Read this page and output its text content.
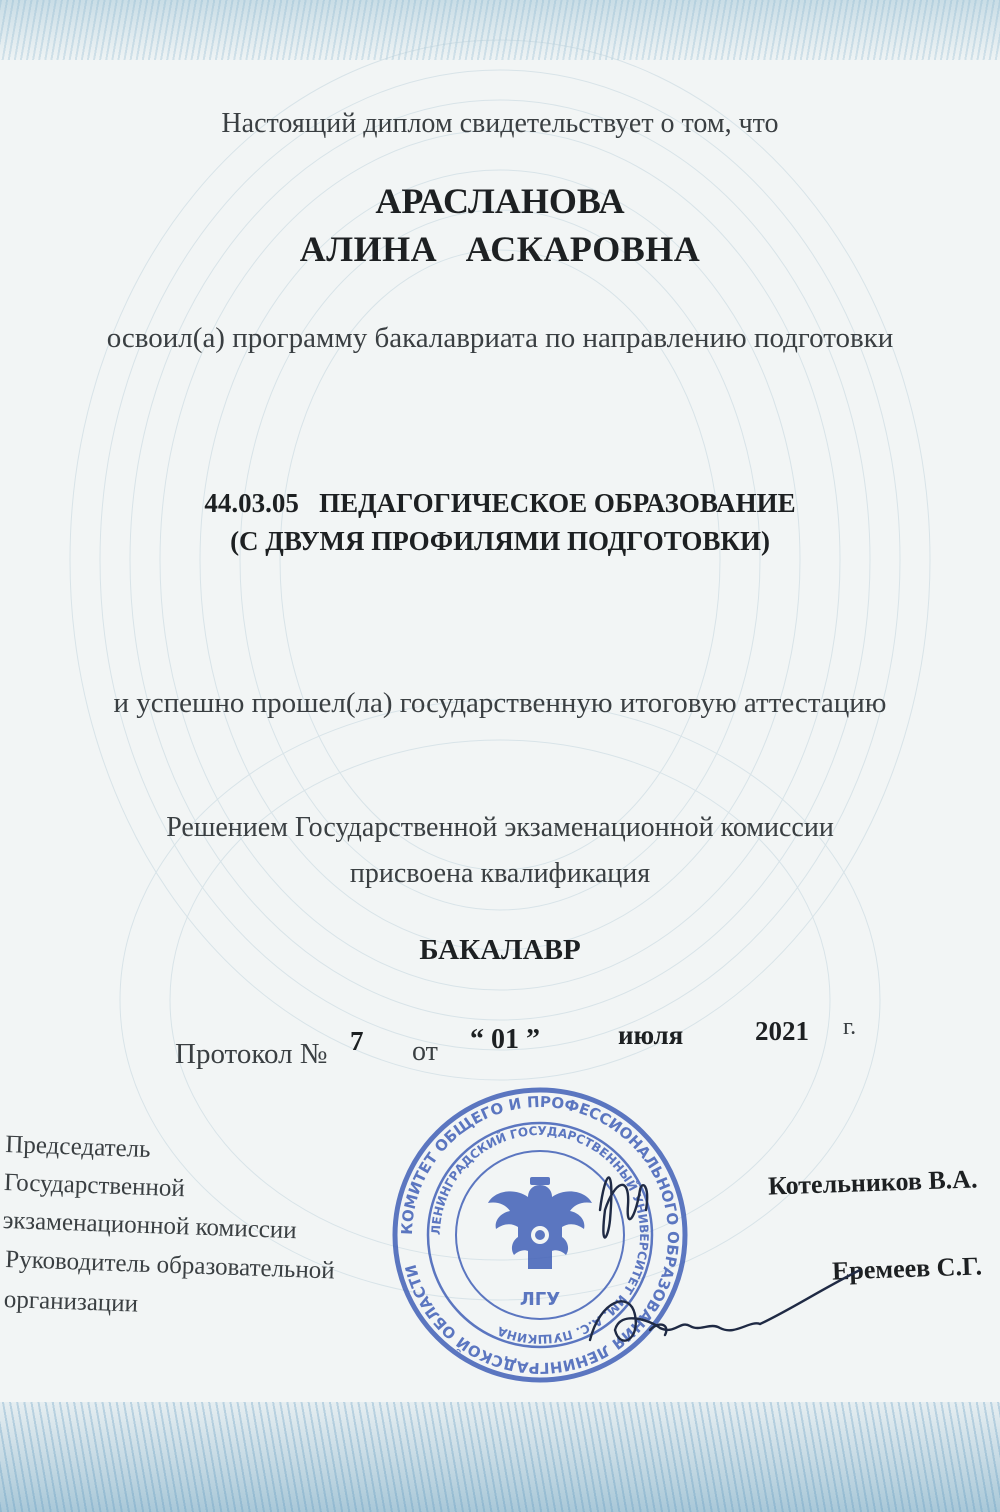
Настоящий диплом свидетельствует о том, что
АРАСЛАНОВА
АЛИНА   АСКАРОВНА
освоил(а) программу бакалавриата по направлению подготовки
44.03.05   ПЕДАГОГИЧЕСКОЕ ОБРАЗОВАНИЕ
(С ДВУМЯ ПРОФИЛЯМИ ПОДГОТОВКИ)
и успешно прошел(ла) государственную итоговую аттестацию
Решением Государственной экзаменационной комиссии
присвоена квалификация
БАКАЛАВР
Протокол № 7 от “ 01 ”	июля	2021 г.
Председатель Государственной экзаменационной комиссии
Руководитель образовательной организации
Котельников В.А.
Еремеев С.Г.
КОМИТЕТ ОБЩЕГО И ПРОФЕССИОНАЛЬНОГО ОБРАЗОВАНИЯ ЛЕНИНГРАДСКОЙ ОБЛАСТИ
ЛЕНИНГРАДСКИЙ ГОСУДАРСТВЕННЫЙ УНИВЕРСИТЕТ ИМ. А.С. ПУШКИНА
ЛГУ
